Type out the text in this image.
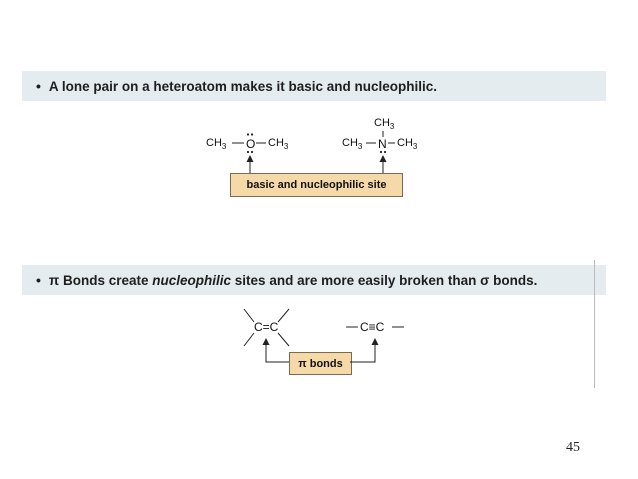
• A lone pair on a heteroatom makes it basic and nucleophilic.
$CH_3$ O $CH_3$
$CH_3$
$CH_3$ N $CH_3$
basic and nucleophilic site
• π Bonds create nucleophilic sites and are more easily broken than σ bonds.
C=C	C≡C
π bonds
45
